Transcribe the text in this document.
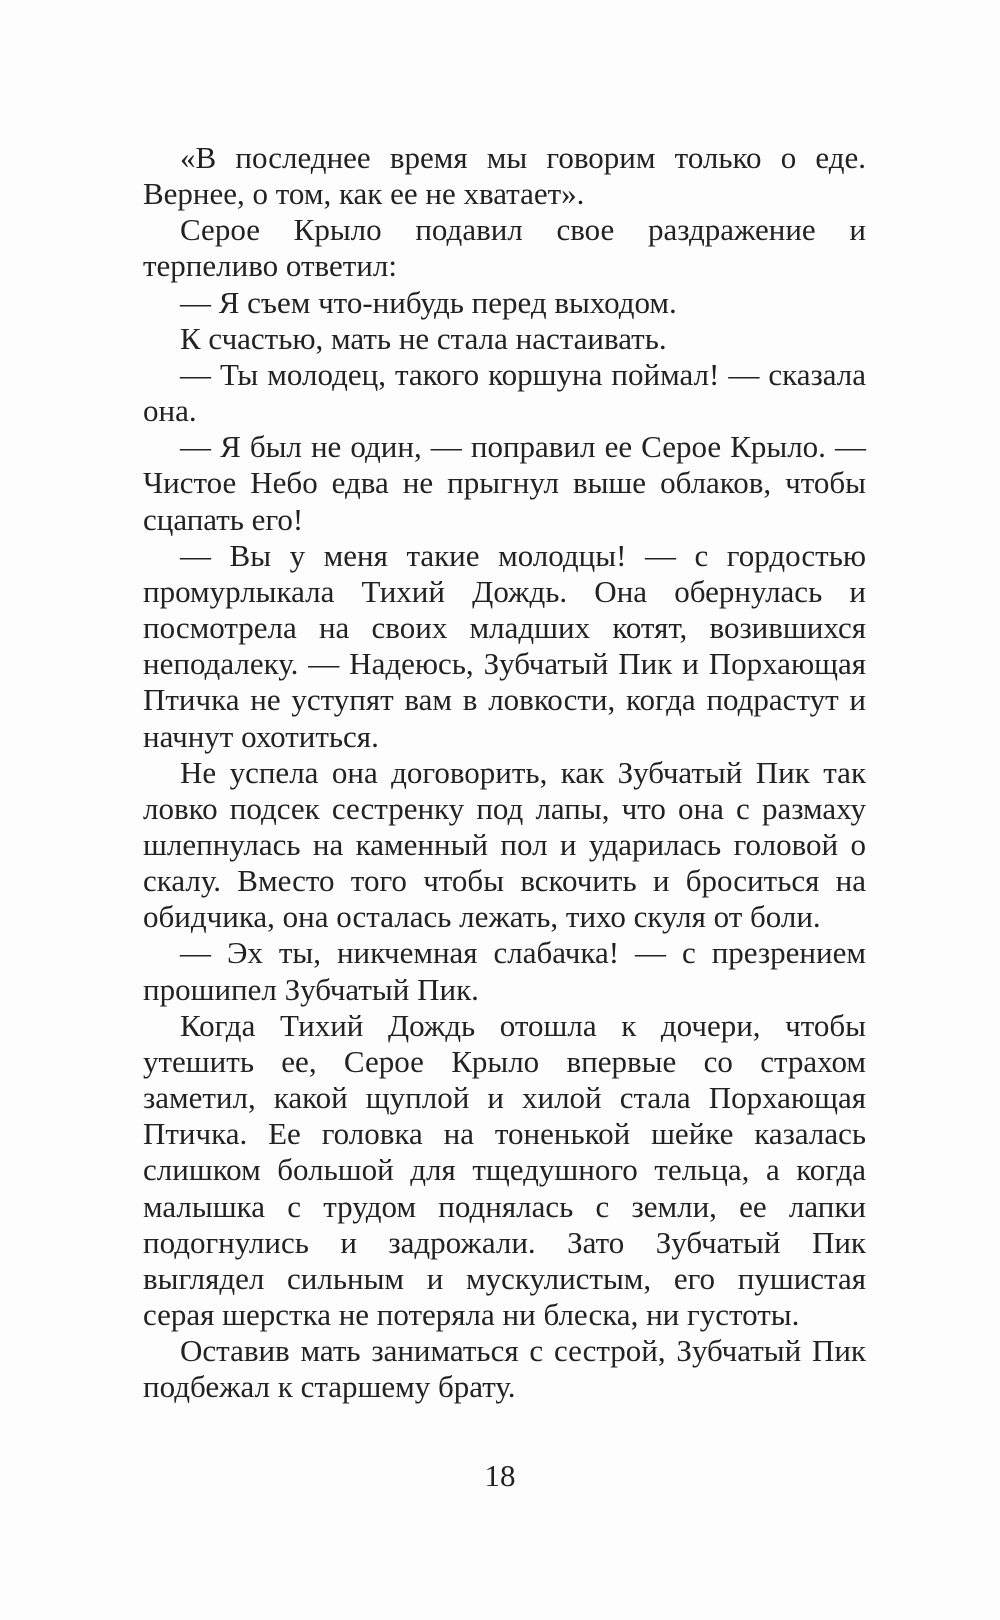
«В последнее время мы говорим только о еде. Вернее, о том, как ее не хватает».

Серое Крыло подавил свое раздражение и терпеливо ответил:

— Я съем что-нибудь перед выходом.

К счастью, мать не стала настаивать.

— Ты молодец, такого коршуна поймал! — сказала она.

— Я был не один, — поправил ее Серое Крыло. — Чистое Небо едва не прыгнул выше облаков, чтобы сцапать его!

— Вы у меня такие молодцы! — с гордостью промурлыкала Тихий Дождь. Она обернулась и посмотрела на своих младших котят, возившихся неподалеку. — Надеюсь, Зубчатый Пик и Порхающая Птичка не уступят вам в ловкости, когда подрастут и начнут охотиться.

Не успела она договорить, как Зубчатый Пик так ловко подсек сестренку под лапы, что она с размаху шлепнулась на каменный пол и ударилась головой о скалу. Вместо того чтобы вскочить и броситься на обидчика, она осталась лежать, тихо скуля от боли.

— Эх ты, никчемная слабачка! — с презрением прошипел Зубчатый Пик.

Когда Тихий Дождь отошла к дочери, чтобы утешить ее, Серое Крыло впервые со страхом заметил, какой щуплой и хилой стала Порхающая Птичка. Ее головка на тоненькой шейке казалась слишком большой для тщедушного тельца, а когда малышка с трудом поднялась с земли, ее лапки подогнулись и задрожали. Зато Зубчатый Пик выглядел сильным и мускулистым, его пушистая серая шерстка не потеряла ни блеска, ни густоты.

Оставив мать заниматься с сестрой, Зубчатый Пик подбежал к старшему брату.

18
